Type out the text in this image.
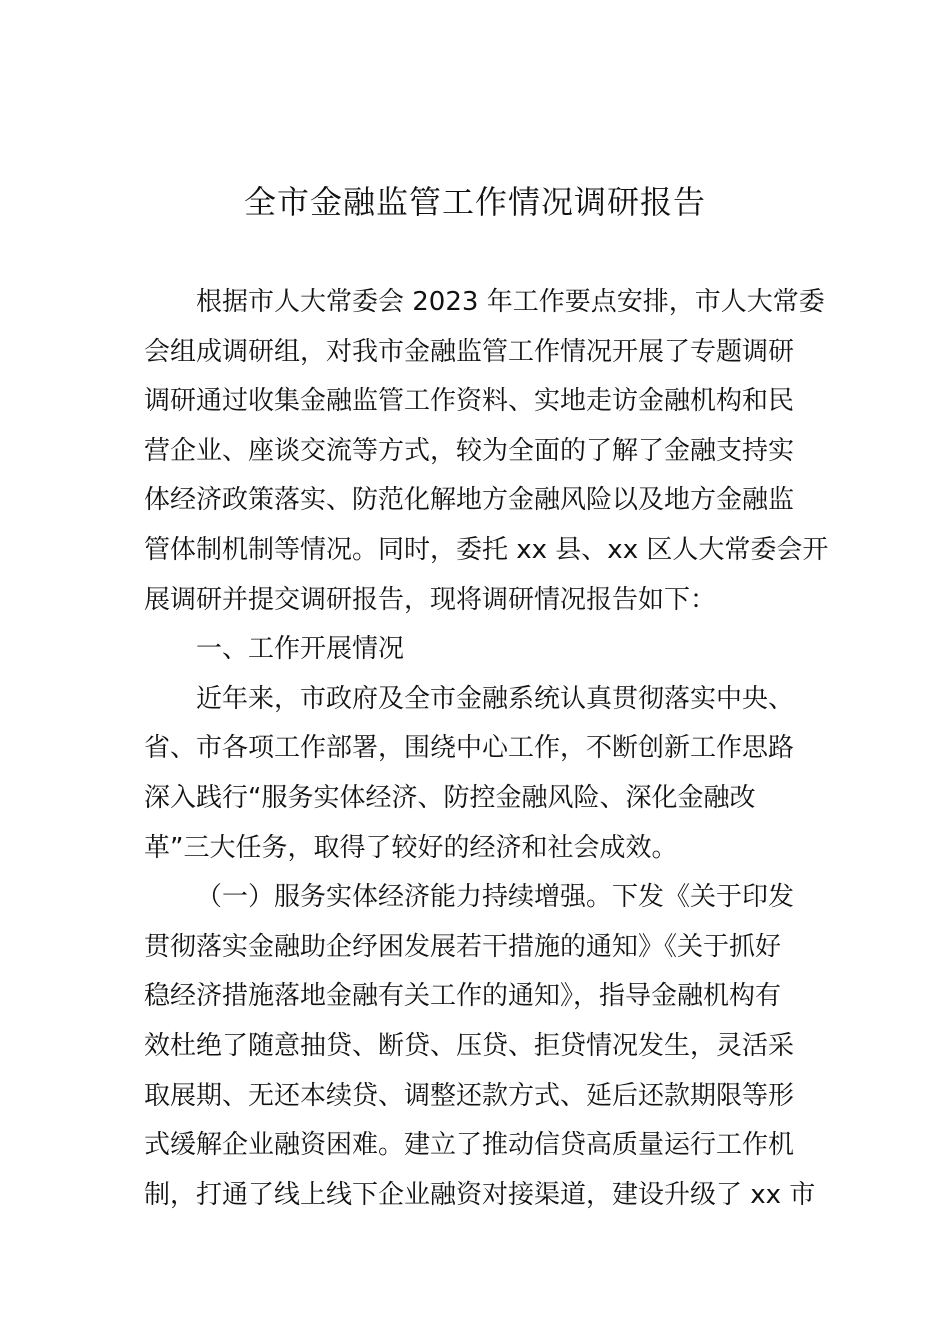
全市金融监管工作情况调研报告
根据市人大常委会 2023 年工作要点安排，市人大常委
会组成调研组，对我市金融监管工作情况开展了专题调研
调研通过收集金融监管工作资料、实地走访金融机构和民
营企业、座谈交流等方式，较为全面的了解了金融支持实
体经济政策落实、防范化解地方金融风险以及地方金融监
管体制机制等情况。同时，委托 xx 县、xx 区人大常委会开
展调研并提交调研报告，现将调研情况报告如下：
一、工作开展情况
近年来，市政府及全市金融系统认真贯彻落实中央、
省、市各项工作部署，围绕中心工作，不断创新工作思路
深入践行“服务实体经济、防控金融风险、深化金融改
革”三大任务，取得了较好的经济和社会成效。
（一）服务实体经济能力持续增强。下发《关于印发
贯彻落实金融助企纾困发展若干措施的通知》《关于抓好
稳经济措施落地金融有关工作的通知》，指导金融机构有
效杜绝了随意抽贷、断贷、压贷、拒贷情况发生，灵活采
取展期、无还本续贷、调整还款方式、延后还款期限等形
式缓解企业融资困难。建立了推动信贷高质量运行工作机
制，打通了线上线下企业融资对接渠道，建设升级了 xx 市
